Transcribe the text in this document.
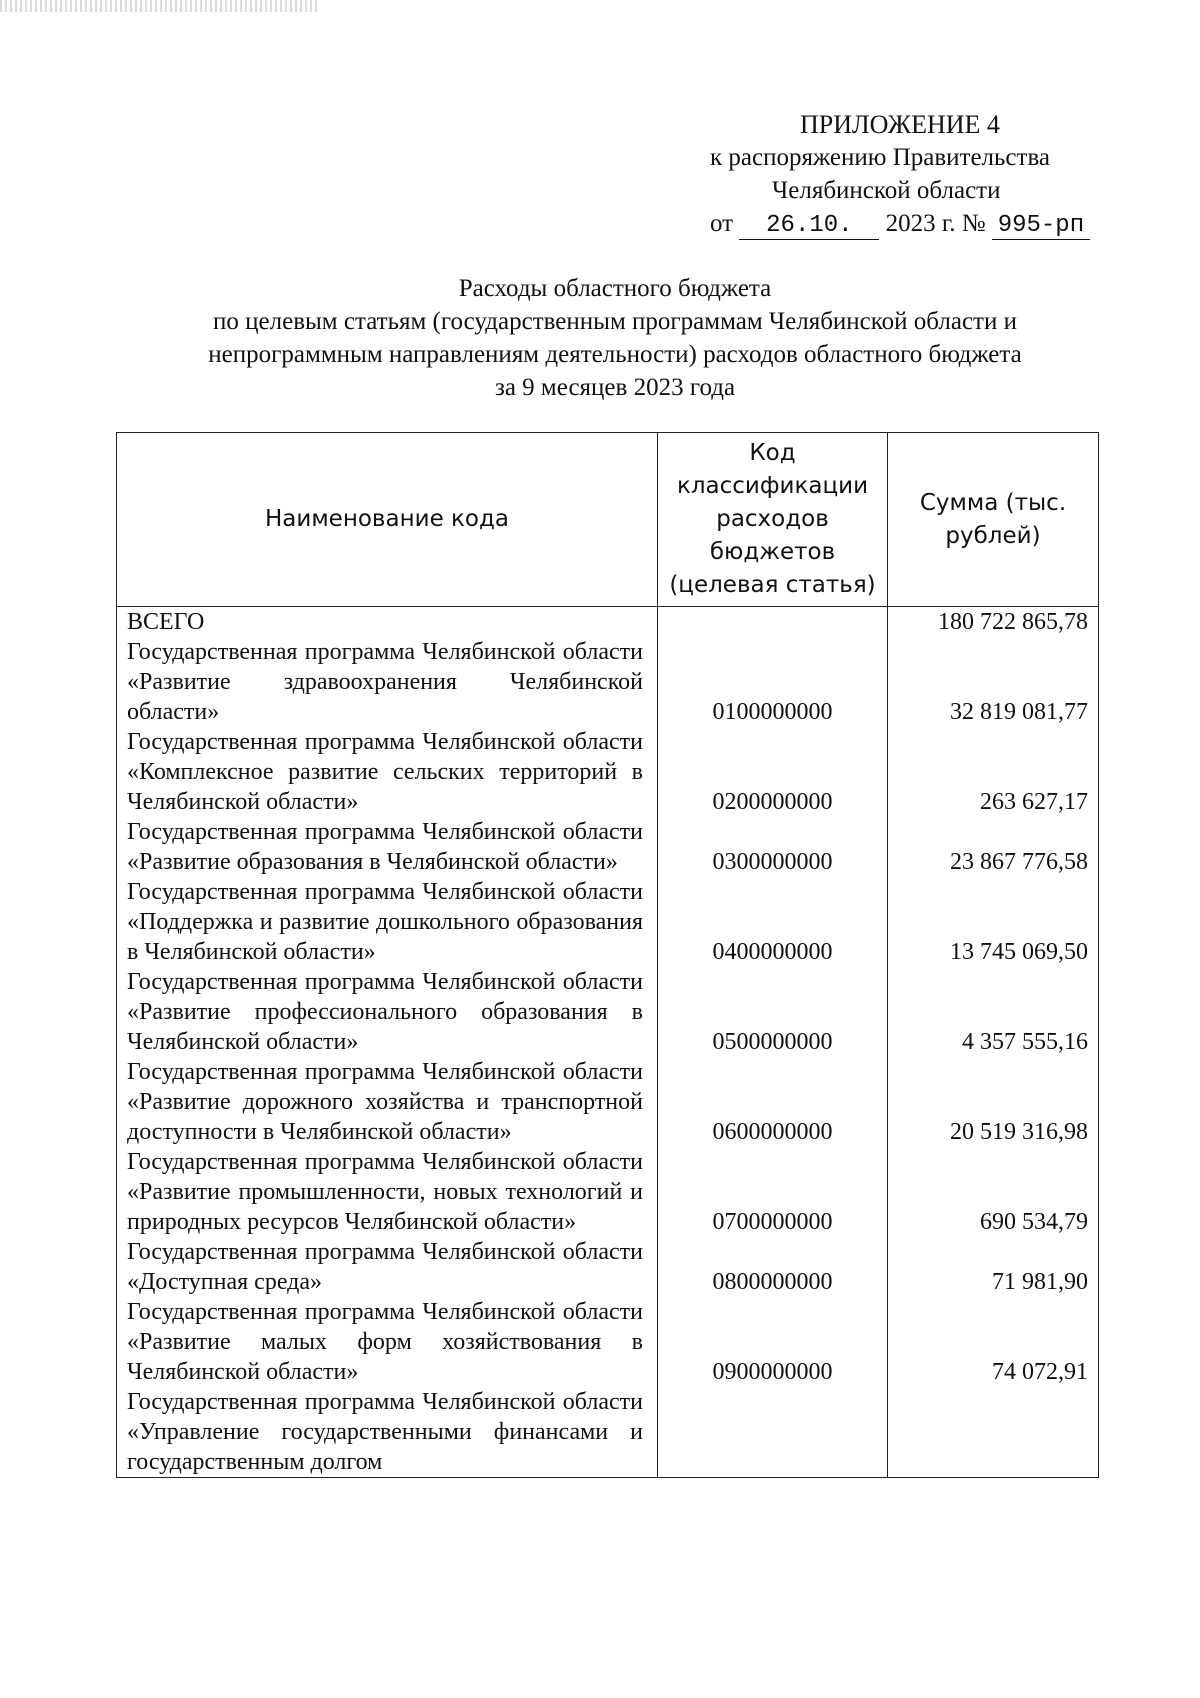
ПРИЛОЖЕНИЕ 4
к распоряжению Правительства
Челябинской области
от 26.10. 2023 г. № 995-рп
Расходы областного бюджета
по целевым статьям (государственным программам Челябинской области и
непрограммным направлениям деятельности) расходов областного бюджета
за 9 месяцев 2023 года
Наименование кода	Код классификации расходов бюджетов (целевая статья)	Сумма (тыс. рублей)
ВСЕГО		180 722 865,78
Государственная программа Челябинской области «Развитие здравоохранения Челябинской области»	0100000000	32 819 081,77
Государственная программа Челябинской области «Комплексное развитие сельских территорий в Челябинской области»	0200000000	263 627,17
Государственная программа Челябинской области «Развитие образования в Челябинской области»	0300000000	23 867 776,58
Государственная программа Челябинской области «Поддержка и развитие дошкольного образования в Челябинской области»	0400000000	13 745 069,50
Государственная программа Челябинской области «Развитие профессионального образования в Челябинской области»	0500000000	4 357 555,16
Государственная программа Челябинской области «Развитие дорожного хозяйства и транспортной доступности в Челябинской области»	0600000000	20 519 316,98
Государственная программа Челябинской области «Развитие промышленности, новых технологий и природных ресурсов Челябинской области»	0700000000	690 534,79
Государственная программа Челябинской области «Доступная среда»	0800000000	71 981,90
Государственная программа Челябинской области «Развитие малых форм хозяйствования в Челябинской области»	0900000000	74 072,91
Государственная программа Челябинской области «Управление государственными финансами и государственным долгом		
